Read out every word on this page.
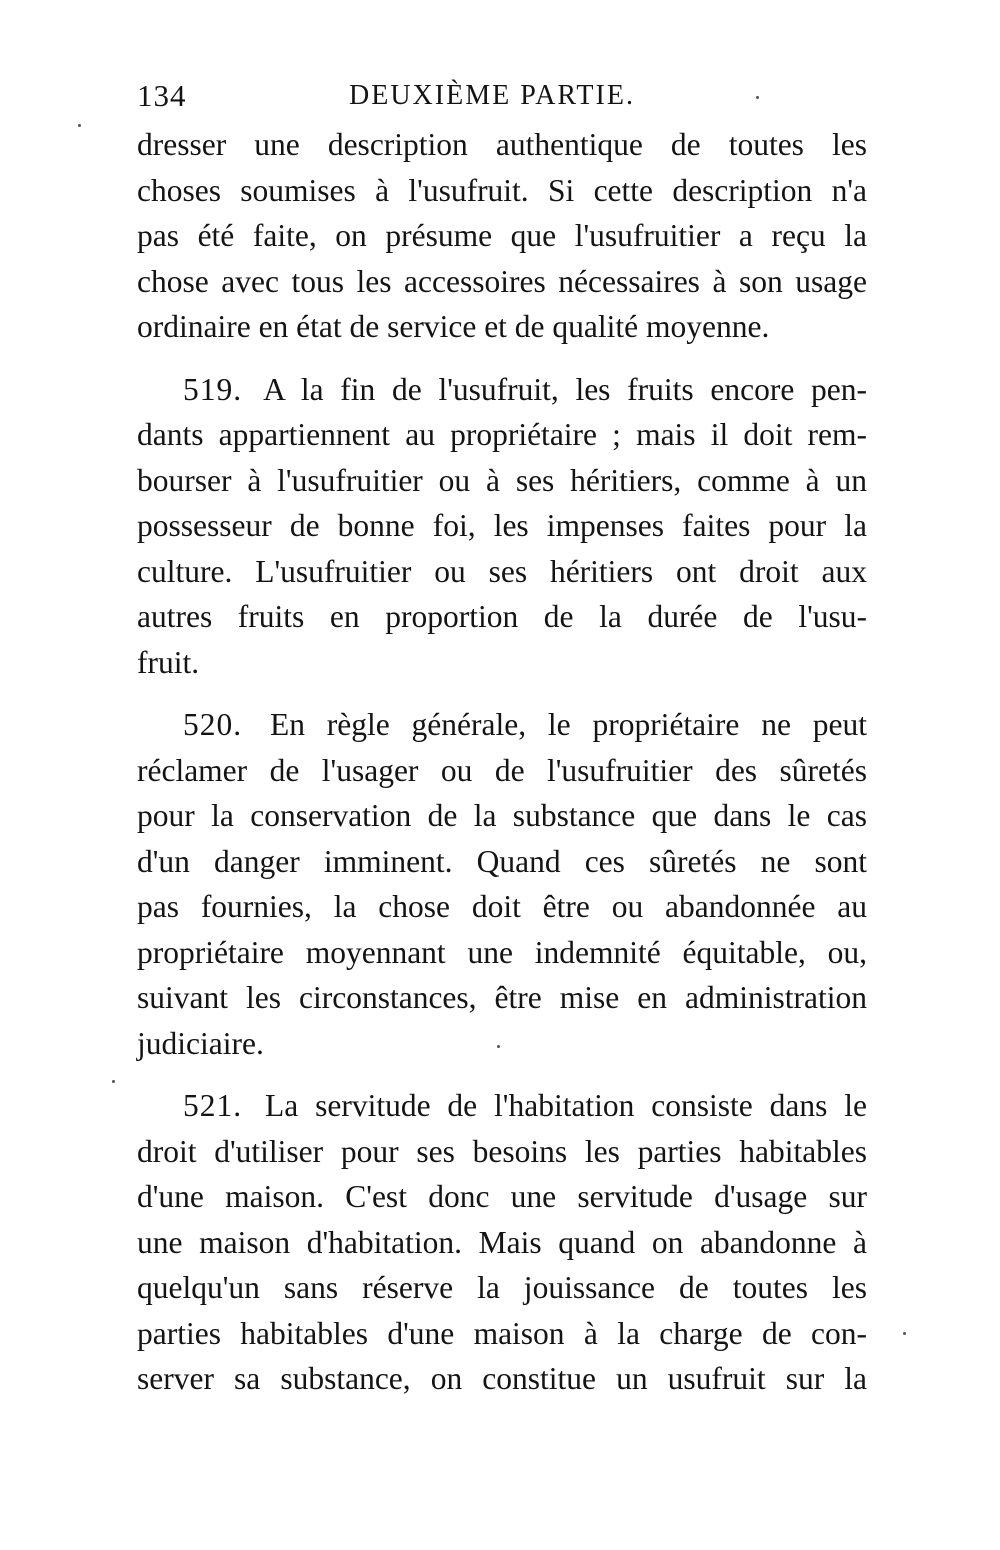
134	DEUXIÈME PARTIE.

dresser une description authentique de toutes les
choses soumises à l'usufruit. Si cette description n'a
pas été faite, on présume que l'usufruitier a reçu la
chose avec tous les accessoires nécessaires à son usage
ordinaire en état de service et de qualité moyenne.

519. A la fin de l'usufruit, les fruits encore pen-
dants appartiennent au propriétaire ; mais il doit rem-
bourser à l'usufruitier ou à ses héritiers, comme à un
possesseur de bonne foi, les impenses faites pour la
culture. L'usufruitier ou ses héritiers ont droit aux
autres fruits en proportion de la durée de l'usu-
fruit.

520. En règle générale, le propriétaire ne peut
réclamer de l'usager ou de l'usufruitier des sûretés
pour la conservation de la substance que dans le cas
d'un danger imminent. Quand ces sûretés ne sont
pas fournies, la chose doit être ou abandonnée au
propriétaire moyennant une indemnité équitable, ou,
suivant les circonstances, être mise en administration
judiciaire.

521. La servitude de l'habitation consiste dans le
droit d'utiliser pour ses besoins les parties habitables
d'une maison. C'est donc une servitude d'usage sur
une maison d'habitation. Mais quand on abandonne à
quelqu'un sans réserve la jouissance de toutes les
parties habitables d'une maison à la charge de con-
server sa substance, on constitue un usufruit sur la
